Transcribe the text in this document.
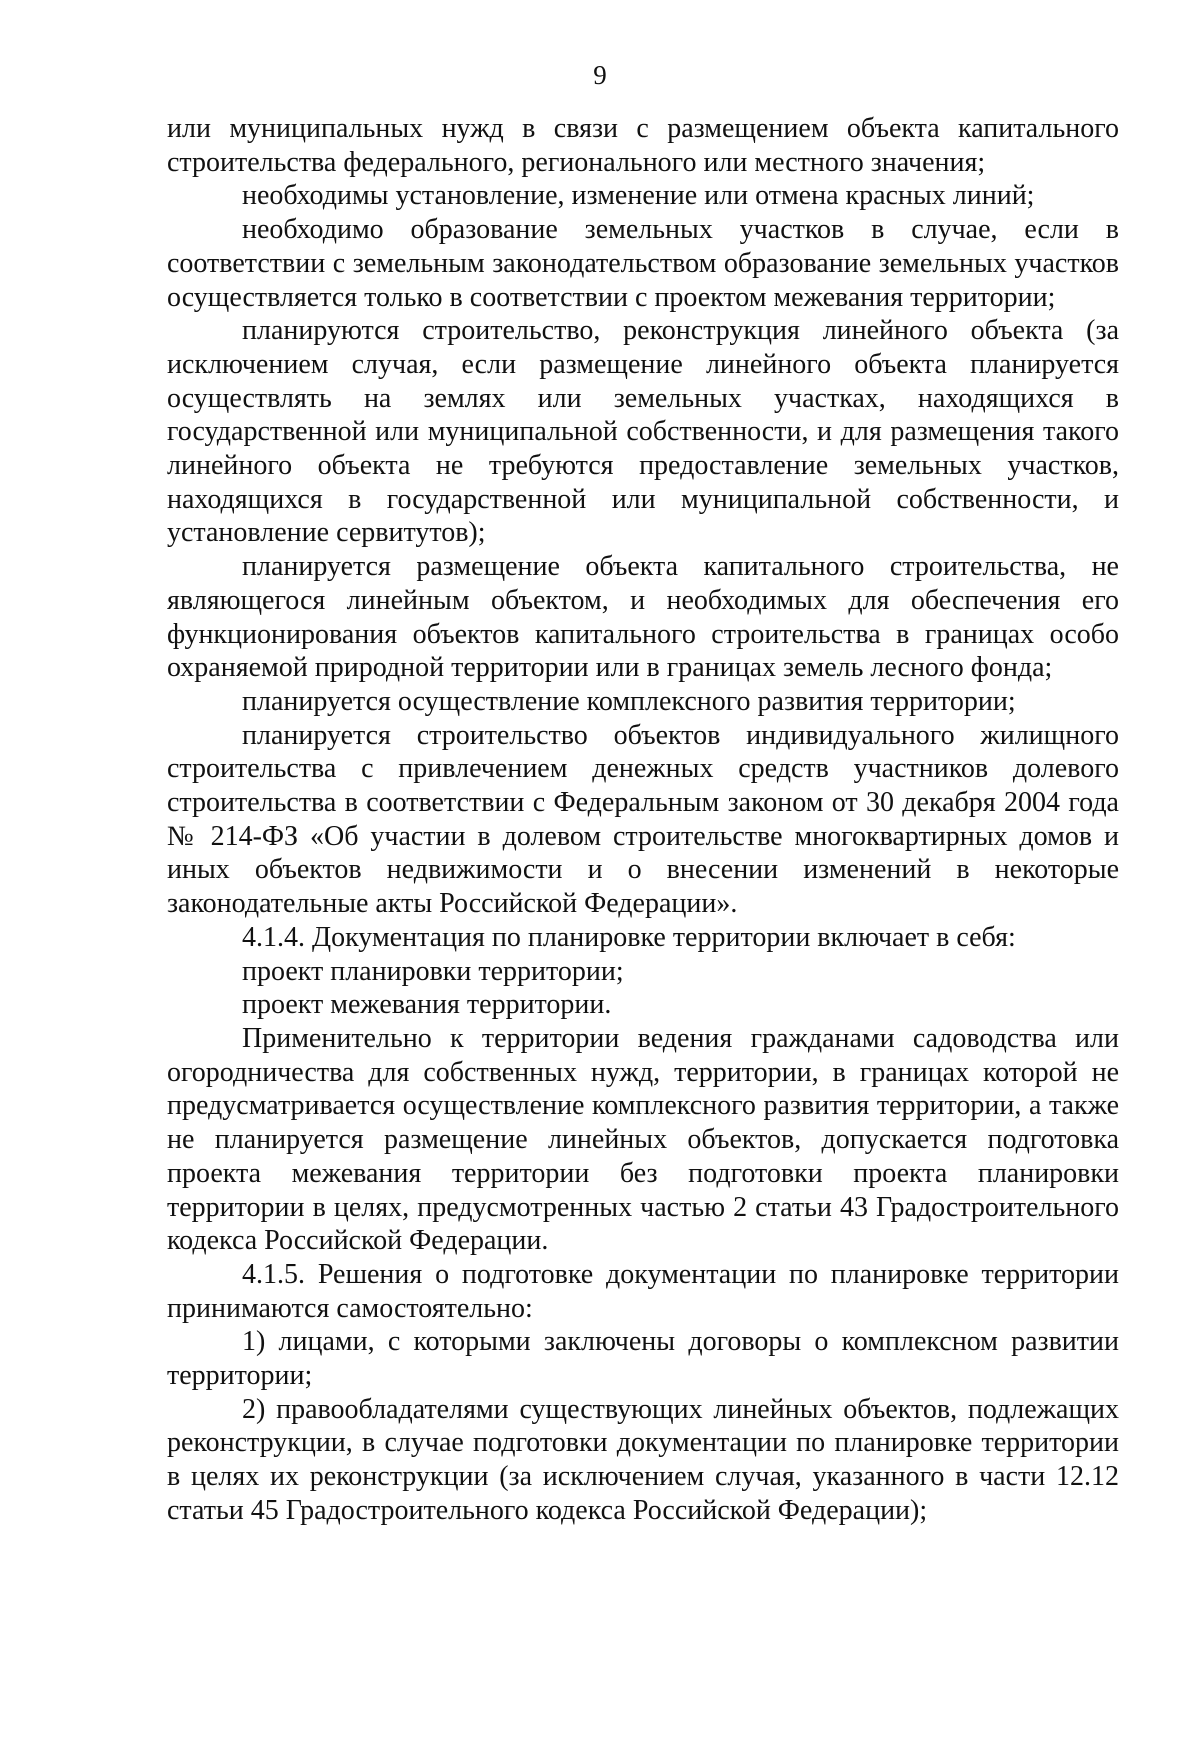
9

или муниципальных нужд в связи с размещением объекта капитального строительства федерального, регионального или местного значения;

необходимы установление, изменение или отмена красных линий;

необходимо образование земельных участков в случае, если в соответствии с земельным законодательством образование земельных участков осуществляется только в соответствии с проектом межевания территории;

планируются строительство, реконструкция линейного объекта (за исключением случая, если размещение линейного объекта планируется осуществлять на землях или земельных участках, находящихся в государственной или муниципальной собственности, и для размещения такого линейного объекта не требуются предоставление земельных участков, находящихся в государственной или муниципальной собственности, и установление сервитутов);

планируется размещение объекта капитального строительства, не являющегося линейным объектом, и необходимых для обеспечения его функционирования объектов капитального строительства в границах особо охраняемой природной территории или в границах земель лесного фонда;

планируется осуществление комплексного развития территории;

планируется строительство объектов индивидуального жилищного строительства с привлечением денежных средств участников долевого строительства в соответствии с Федеральным законом от 30 декабря 2004 года № 214-ФЗ «Об участии в долевом строительстве многоквартирных домов и иных объектов недвижимости и о внесении изменений в некоторые законодательные акты Российской Федерации».

4.1.4. Документация по планировке территории включает в себя:

проект планировки территории;

проект межевания территории.

Применительно к территории ведения гражданами садоводства или огородничества для собственных нужд, территории, в границах которой не предусматривается осуществление комплексного развития территории, а также не планируется размещение линейных объектов, допускается подготовка проекта межевания территории без подготовки проекта планировки территории в целях, предусмотренных частью 2 статьи 43 Градостроительного кодекса Российской Федерации.

4.1.5. Решения о подготовке документации по планировке территории принимаются самостоятельно:

1) лицами, с которыми заключены договоры о комплексном развитии территории;

2) правообладателями существующих линейных объектов, подлежащих реконструкции, в случае подготовки документации по планировке территории в целях их реконструкции (за исключением случая, указанного в части 12.12 статьи 45 Градостроительного кодекса Российской Федерации);
